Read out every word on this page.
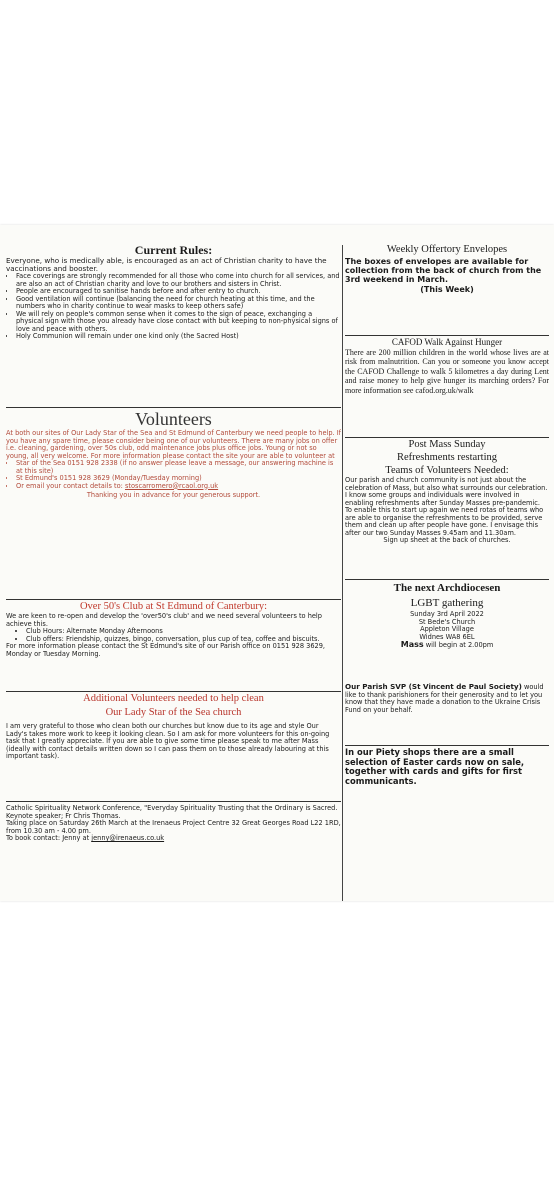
Current Rules:

Everyone, who is medically able, is encouraged as an act of Christian charity to have the vaccinations and booster.

• Face coverings are strongly recommended for all those who come into church for all services, and are also an act of Christian charity and love to our brothers and sisters in Christ.
• People are encouraged to sanitise hands before and after entry to church.
• Good ventilation will continue (balancing the need for church heating at this time, and the numbers who in charity continue to wear masks to keep others safe)
• We will rely on people's common sense when it comes to the sign of peace, exchanging a physical sign with those you already have close contact with but keeping to non-physical signs of love and peace with others.
• Holy Communion will remain under one kind only (the Sacred Host)
Volunteers

At both our sites of Our Lady Star of the Sea and St Edmund of Canterbury we need people to help. If you have any spare time, please consider being one of our volunteers. There are many jobs on offer i.e. cleaning, gardening, over 50s club, odd maintenance jobs plus office jobs. Young or not so young, all very welcome. For more information please contact the site your are able to volunteer at

• Star of the Sea 0151 928 2338 (if no answer please leave a message, our answering machine is at this site)
• St Edmund's 0151 928 3629 (Monday/Tuesday morning)
• Or email your contact details to: stoscarromero@rcaol.org.uk

Thanking you in advance for your generous support.

Over 50's Club at St Edmund of Canterbury:

We are keen to re-open and develop the 'over50's club' and we need several volunteers to help achieve this.

• Club Hours: Alternate Monday Afternoons
• Club offers: Friendship, quizzes, bingo, conversation, plus cup of tea, coffee and biscuits.

For more information please contact the St Edmund's site of our Parish office on 0151 928 3629, Monday or Tuesday Morning.

Additional Volunteers needed to help clean
Our Lady Star of the Sea church

I am very grateful to those who clean both our churches but know due to its age and style Our Lady's takes more work to keep it looking clean. So I am ask for more volunteers for this on-going task that I greatly appreciate. If you are able to give some time please speak to me after Mass (ideally with contact details written down so I can pass them on to those already labouring at this important task).

Catholic Spirituality Network Conference, "Everyday Spirituality Trusting that the Ordinary is Sacred.

Keynote speaker; Fr Chris Thomas.

Taking place on Saturday 26th March at the Irenaeus Project Centre 32 Great Georges Road L22 1RD, from 10.30 am - 4.00 pm.

To book contact: Jenny at jenny@irenaeus.co.uk

Weekly Offertory Envelopes

The boxes of envelopes are available for collection from the back of church from the 3rd weekend in March.

(This Week)

CAFOD Walk Against Hunger

There are 200 million children in the world whose lives are at risk from malnutrition. Can you or someone you know accept the CAFOD Challenge to walk 5 kilometres a day during Lent and raise money to help give hunger its marching orders? For more information see cafod.org.uk/walk

Post Mass Sunday
Refreshments restarting
Teams of Volunteers Needed:

Our parish and church community is not just about the celebration of Mass, but also what surrounds our celebration. I know some groups and individuals were involved in enabling refreshments after Sunday Masses pre-pandemic. To enable this to start up again we need rotas of teams who are able to organise the refreshments to be provided, serve them and clean up after people have gone. I envisage this after our two Sunday Masses 9.45am and 11.30am.

Sign up sheet at the back of churches.

The next Archdiocesen
LGBT gathering

Sunday 3rd April 2022

St Bede's Church

Appleton Village

Widnes WA8 6EL

Mass will begin at 2.00pm

Our Parish SVP (St Vincent de Paul Society) would like to thank parishioners for their generosity and to let you know that they have made a donation to the Ukraine Crisis Fund on your behalf.

In our Piety shops there are a small selection of Easter cards now on sale, together with cards and gifts for first communicants.
